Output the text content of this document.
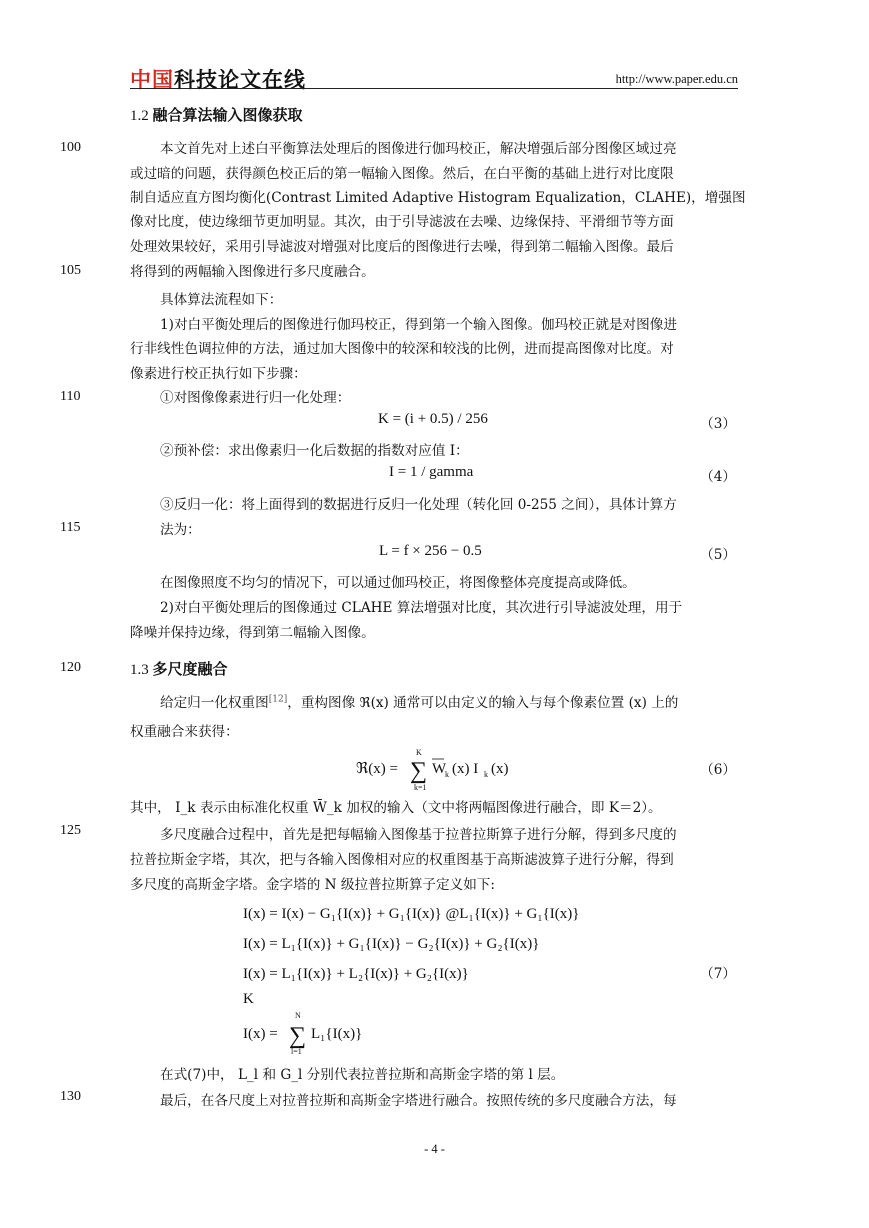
中国科技论文在线	http://www.paper.edu.cn
1.2 融合算法输入图像获取
100
105
110
115
120
125
130
本文首先对上述白平衡算法处理后的图像进行伽玛校正，解决增强后部分图像区域过亮
或过暗的问题，获得颜色校正后的第一幅输入图像。然后，在白平衡的基础上进行对比度限
制自适应直方图均衡化(Contrast Limited Adaptive Histogram Equalization，CLAHE)，增强图
像对比度，使边缘细节更加明显。其次，由于引导滤波在去噪、边缘保持、平滑细节等方面
处理效果较好，采用引导滤波对增强对比度后的图像进行去噪，得到第二幅输入图像。最后
将得到的两幅输入图像进行多尺度融合。
具体算法流程如下：
1)对白平衡处理后的图像进行伽玛校正，得到第一个输入图像。伽玛校正就是对图像进
行非线性色调拉伸的方法，通过加大图像中的较深和较浅的比例，进而提高图像对比度。对
像素进行校正执行如下步骤：
①对图像像素进行归一化处理：
K = (i + 0.5) / 256	（3）
②预补偿：求出像素归一化后数据的指数对应值 I：
I = 1 / gamma	（4）
③反归一化：将上面得到的数据进行反归一化处理（转化回 0-255 之间），具体计算方
法为：
L = f × 256 − 0.5	（5）
在图像照度不均匀的情况下，可以通过伽玛校正，将图像整体亮度提高或降低。
2)对白平衡处理后的图像通过 CLAHE 算法增强对比度，其次进行引导滤波处理，用于
降噪并保持边缘，得到第二幅输入图像。
1.3 多尺度融合
给定归一化权重图[12]，重构图像 ℜ(x) 通常可以由定义的输入与每个像素位置 (x) 上的
权重融合来获得：
ℜ(x) =
K
∑
k=1
W
k (x) I k (x)	（6）
其中， I_k 表示由标准化权重 W̄_k 加权的输入（文中将两幅图像进行融合，即 K＝2）。
多尺度融合过程中，首先是把每幅输入图像基于拉普拉斯算子进行分解，得到多尺度的
拉普拉斯金字塔，其次，把与各输入图像相对应的权重图基于高斯滤波算子进行分解，得到
多尺度的高斯金字塔。金字塔的 N 级拉普拉斯算子定义如下:
I(x) = I(x) − G₁{I(x)} + G₁{I(x)} @L₁{I(x)} + G₁{I(x)}
I(x) = L₁{I(x)} + G₁{I(x)} − G₂{I(x)} + G₂{I(x)}
I(x) = L₁{I(x)} + L₂{I(x)} + G₂{I(x)}
K
I(x) =
N
∑
l=1
L₁{I(x)}
（7）
在式(7)中， L_l 和 G_l 分别代表拉普拉斯和高斯金字塔的第 l 层。
最后，在各尺度上对拉普拉斯和高斯金字塔进行融合。按照传统的多尺度融合方法，每
- 4 -
